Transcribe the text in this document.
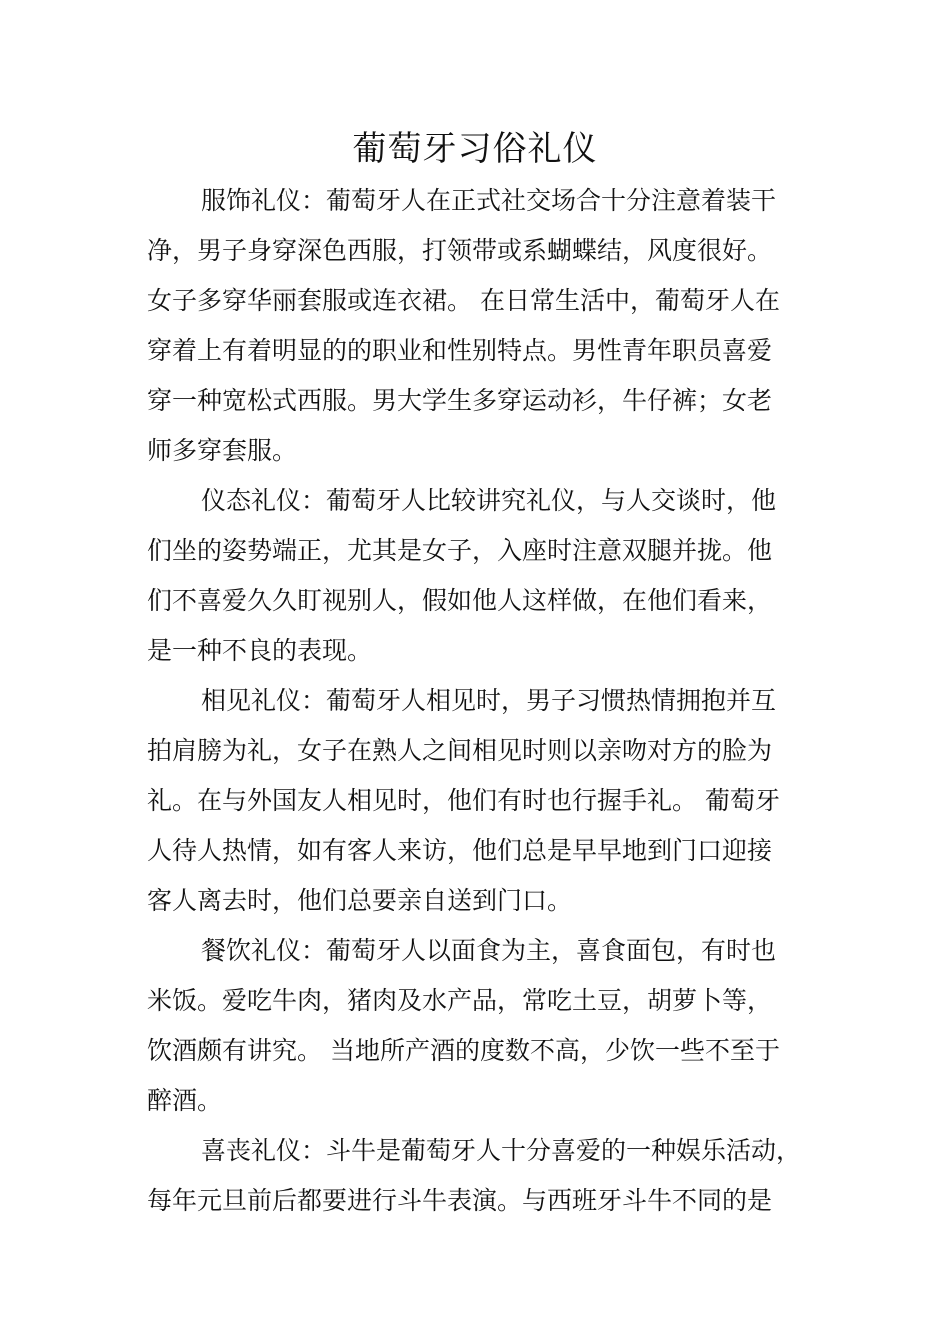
葡萄牙习俗礼仪
服饰礼仪：葡萄牙人在正式社交场合十分注意着装干
净，男子身穿深色西服，打领带或系蝴蝶结，风度很好。
女子多穿华丽套服或连衣裙。 在日常生活中，葡萄牙人在
穿着上有着明显的的职业和性别特点。男性青年职员喜爱
穿一种宽松式西服。男大学生多穿运动衫，牛仔裤；女老
师多穿套服。
仪态礼仪：葡萄牙人比较讲究礼仪，与人交谈时，他
们坐的姿势端正，尤其是女子，入座时注意双腿并拢。他
们不喜爱久久盯视别人，假如他人这样做，在他们看来，
是一种不良的表现。
相见礼仪：葡萄牙人相见时，男子习惯热情拥抱并互
拍肩膀为礼，女子在熟人之间相见时则以亲吻对方的脸为
礼。在与外国友人相见时，他们有时也行握手礼。 葡萄牙
人待人热情，如有客人来访，他们总是早早地到门口迎接
客人离去时，他们总要亲自送到门口。
餐饮礼仪：葡萄牙人以面食为主，喜食面包，有时也
米饭。爱吃牛肉，猪肉及水产品，常吃土豆，胡萝卜等，
饮酒颇有讲究。 当地所产酒的度数不高，少饮一些不至于
醉酒。
喜丧礼仪：斗牛是葡萄牙人十分喜爱的一种娱乐活动，
每年元旦前后都要进行斗牛表演。与西班牙斗牛不同的是
